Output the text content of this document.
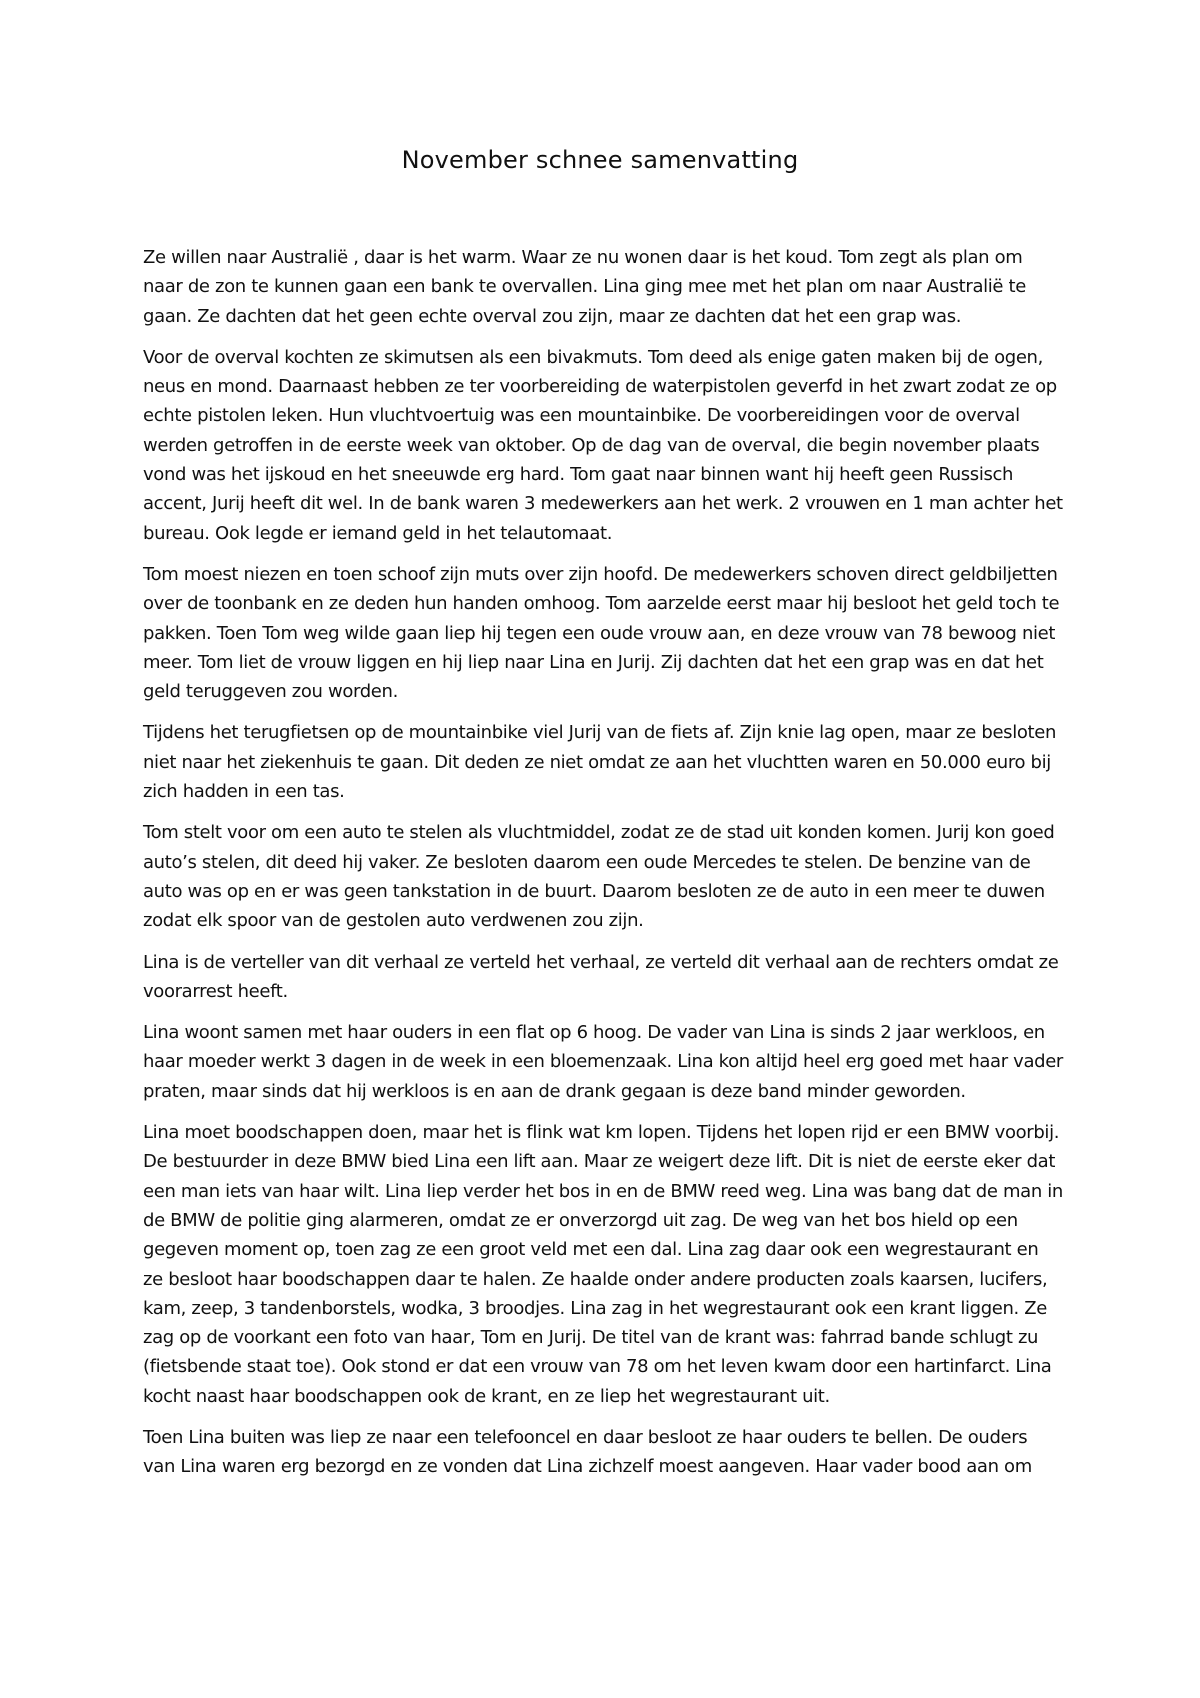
November schnee samenvatting

Ze willen naar Australië , daar is het warm. Waar ze nu wonen daar is het koud. Tom zegt als plan om naar de zon te kunnen gaan een bank te overvallen. Lina ging mee met het plan om naar Australië te gaan. Ze dachten dat het geen echte overval zou zijn, maar ze dachten dat het een grap was.

Voor de overval kochten ze skimutsen als een bivakmuts. Tom deed als enige gaten maken bij de ogen, neus en mond. Daarnaast hebben ze ter voorbereiding de waterpistolen geverfd in het zwart zodat ze op echte pistolen leken. Hun vluchtvoertuig was een mountainbike. De voorbereidingen voor de overval werden getroffen in de eerste week van oktober. Op de dag van de overval, die begin november plaats vond was het ijskoud en het sneeuwde erg hard. Tom gaat naar binnen want hij heeft geen Russisch accent, Jurij heeft dit wel. In de bank waren 3 medewerkers aan het werk. 2 vrouwen en 1 man achter het bureau. Ook legde er iemand geld in het telautomaat.

Tom moest niezen en toen schoof zijn muts over zijn hoofd. De medewerkers schoven direct geldbiljetten over de toonbank en ze deden hun handen omhoog. Tom aarzelde eerst maar hij besloot het geld toch te pakken. Toen Tom weg wilde gaan liep hij tegen een oude vrouw aan, en deze vrouw van 78 bewoog niet meer. Tom liet de vrouw liggen en hij liep naar Lina en Jurij. Zij dachten dat het een grap was en dat het geld teruggeven zou worden.

Tijdens het terugfietsen op de mountainbike viel Jurij van de fiets af. Zijn knie lag open, maar ze besloten niet naar het ziekenhuis te gaan. Dit deden ze niet omdat ze aan het vluchtten waren en 50.000 euro bij zich hadden in een tas.

Tom stelt voor om een auto te stelen als vluchtmiddel, zodat ze de stad uit konden komen. Jurij kon goed auto’s stelen, dit deed hij vaker. Ze besloten daarom een oude Mercedes te stelen. De benzine van de auto was op en er was geen tankstation in de buurt. Daarom besloten ze de auto in een meer te duwen zodat elk spoor van de gestolen auto verdwenen zou zijn.

Lina is de verteller van dit verhaal ze verteld het verhaal, ze verteld dit verhaal aan de rechters omdat ze voorarrest heeft.

Lina woont samen met haar ouders in een flat op 6 hoog. De vader van Lina is sinds 2 jaar werkloos, en haar moeder werkt 3 dagen in de week in een bloemenzaak. Lina kon altijd heel erg goed met haar vader praten, maar sinds dat hij werkloos is en aan de drank gegaan is deze band minder geworden.

Lina moet boodschappen doen, maar het is flink wat km lopen. Tijdens het lopen rijd er een BMW voorbij. De bestuurder in deze BMW bied Lina een lift aan. Maar ze weigert deze lift. Dit is niet de eerste eker dat een man iets van haar wilt. Lina liep verder het bos in en de BMW reed weg. Lina was bang dat de man in de BMW de politie ging alarmeren, omdat ze er onverzorgd uit zag. De weg van het bos hield op een gegeven moment op, toen zag ze een groot veld met een dal. Lina zag daar ook een wegrestaurant en ze besloot haar boodschappen daar te halen. Ze haalde onder andere producten zoals kaarsen, lucifers, kam, zeep, 3 tandenborstels, wodka, 3 broodjes. Lina zag in het wegrestaurant ook een krant liggen. Ze zag op de voorkant een foto van haar, Tom en Jurij. De titel van de krant was: fahrrad bande schlugt zu (fietsbende staat toe). Ook stond er dat een vrouw van 78 om het leven kwam door een hartinfarct. Lina kocht naast haar boodschappen ook de krant, en ze liep het wegrestaurant uit.

Toen Lina buiten was liep ze naar een telefooncel en daar besloot ze haar ouders te bellen. De ouders van Lina waren erg bezorgd en ze vonden dat Lina zichzelf moest aangeven. Haar vader bood aan om
